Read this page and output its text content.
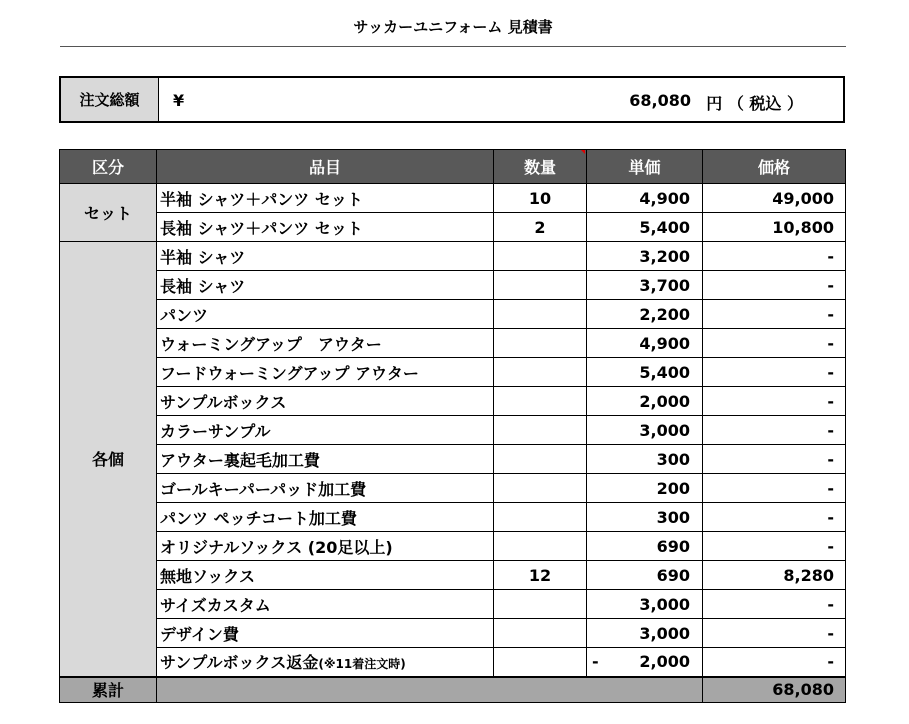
サッカーユニフォーム 見積書
注文総額	¥	68,080 円 （ 税込 ）
区分	品目	数量	単価	価格
セット	半袖 シャツ＋パンツ セット	10	4,900	49,000
	長袖 シャツ＋パンツ セット	2	5,400	10,800
各個	半袖 シャツ		3,200	-
	長袖 シャツ		3,700	-
	パンツ		2,200	-
	ウォーミングアップ　アウター		4,900	-
	フードウォーミングアップ アウター		5,400	-
	サンプルボックス		2,000	-
	カラーサンプル		3,000	-
	アウター裏起毛加工費		300	-
	ゴールキーパーパッド加工費		200	-
	パンツ ペッチコート加工費		300	-
	オリジナルソックス (20足以上)		690	-
	無地ソックス	12	690	8,280
	サイズカスタム		3,000	-
	デザイン費		3,000	-
	サンプルボックス返金(※11着注文時)		- 2,000	-
累計				68,080
